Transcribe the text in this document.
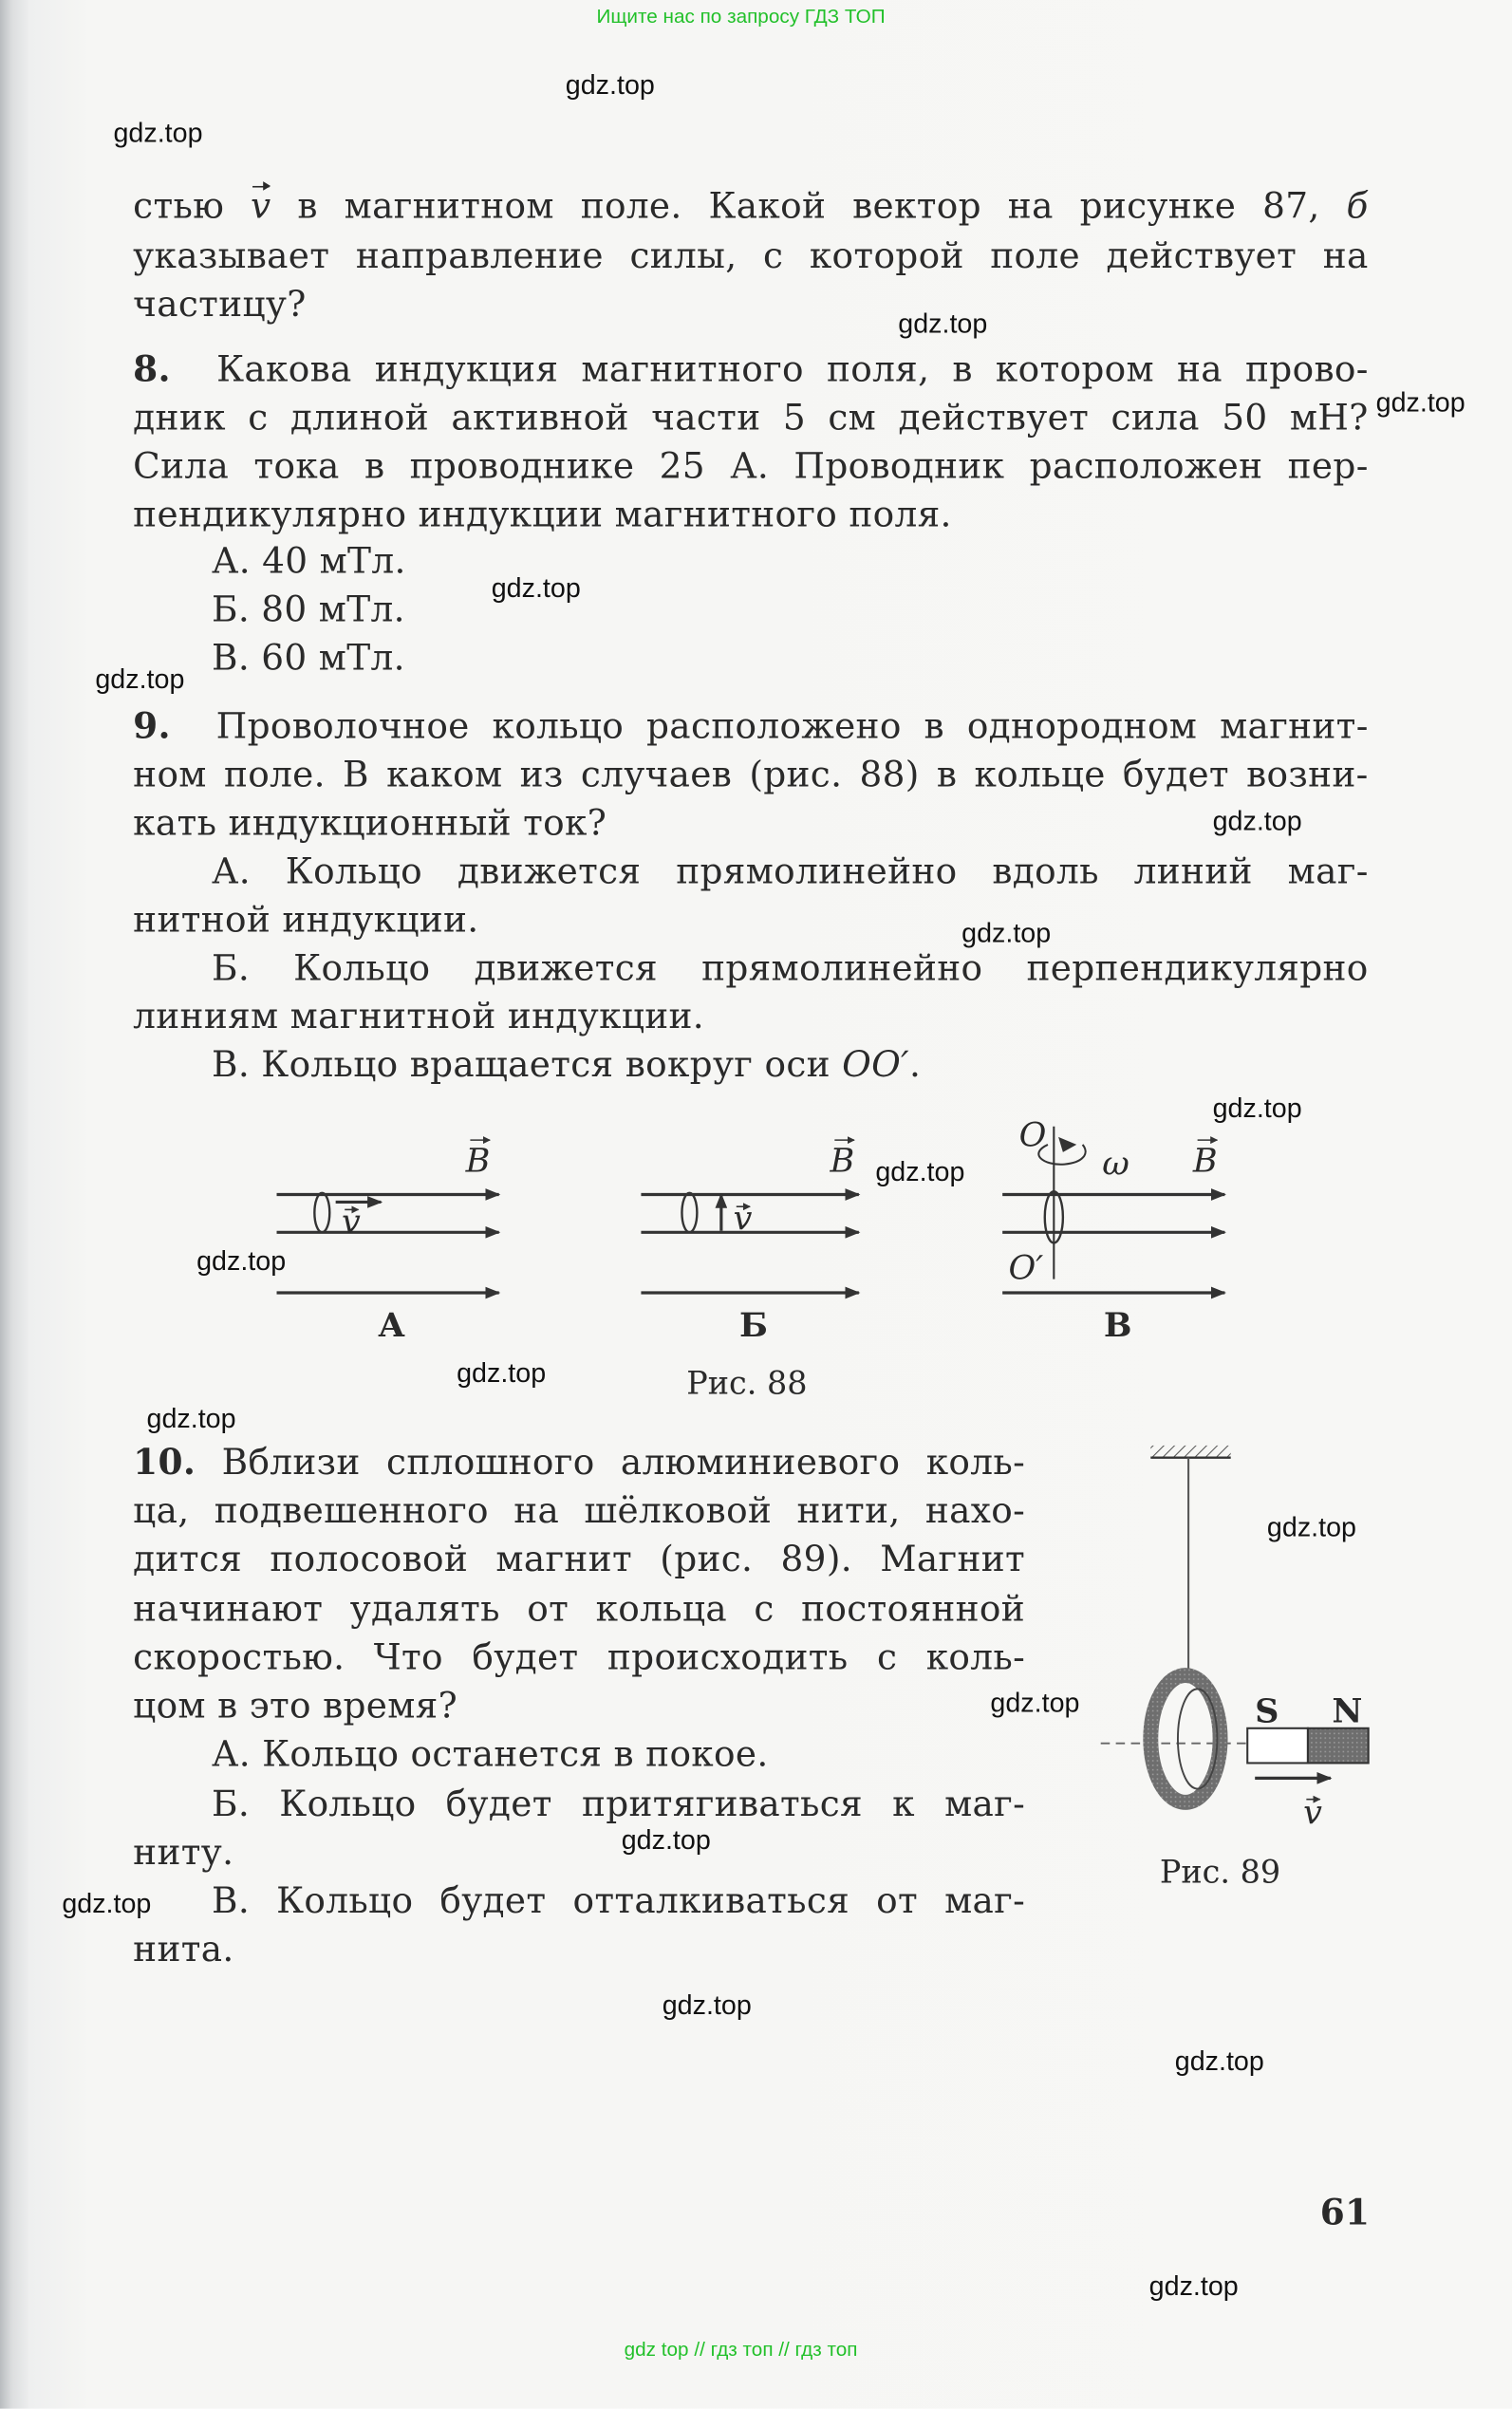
Ищите нас по запросу ГДЗ ТОП
стью v в магнитном поле. Какой вектор на рисунке 87, б
указывает направление силы, с которой поле действует на
частицу?
8. Какова индукция магнитного поля, в котором на прово-
дник с длиной активной части 5 см действует сила 50 мН?
Сила тока в проводнике 25 А. Проводник расположен пер-
пендикулярно индукции магнитного поля.
А. 40 мТл.
Б. 80 мТл.
В. 60 мТл.
9. Проволочное кольцо расположено в однородном магнит-
ном поле. В каком из случаев (рис. 88) в кольце будет возни-
кать индукционный ток?
А. Кольцо движется прямолинейно вдоль линий маг-
нитной индукции.
Б. Кольцо движется прямолинейно перпендикулярно
линиям магнитной индукции.
В. Кольцо вращается вокруг оси OO′.
10. Вблизи сплошного алюминиевого коль-
ца, подвешенного на шёлковой нити, нахо-
дится полосовой магнит (рис. 89). Магнит
начинают удалять от кольца с постоянной
скоростью. Что будет происходить с коль-
цом в это время?
А. Кольцо останется в покое.
Б. Кольцо будет притягиваться к маг-
ниту.
В. Кольцо будет отталкиваться от маг-
нита.
61
v
B
А
v
B
Б
O
O′
ω	B
В
Рис. 88
S	N
v
Рис. 89
gdz.top
gdz.top
gdz.top
gdz.top
gdz.top
gdz.top
gdz.top
gdz.top
gdz.top
gdz.top
gdz.top
gdz.top
gdz.top
gdz.top
gdz.top
gdz.top
gdz.top
gdz.top
gdz.top
gdz.top
gdz top // гдз топ // гдз топ
